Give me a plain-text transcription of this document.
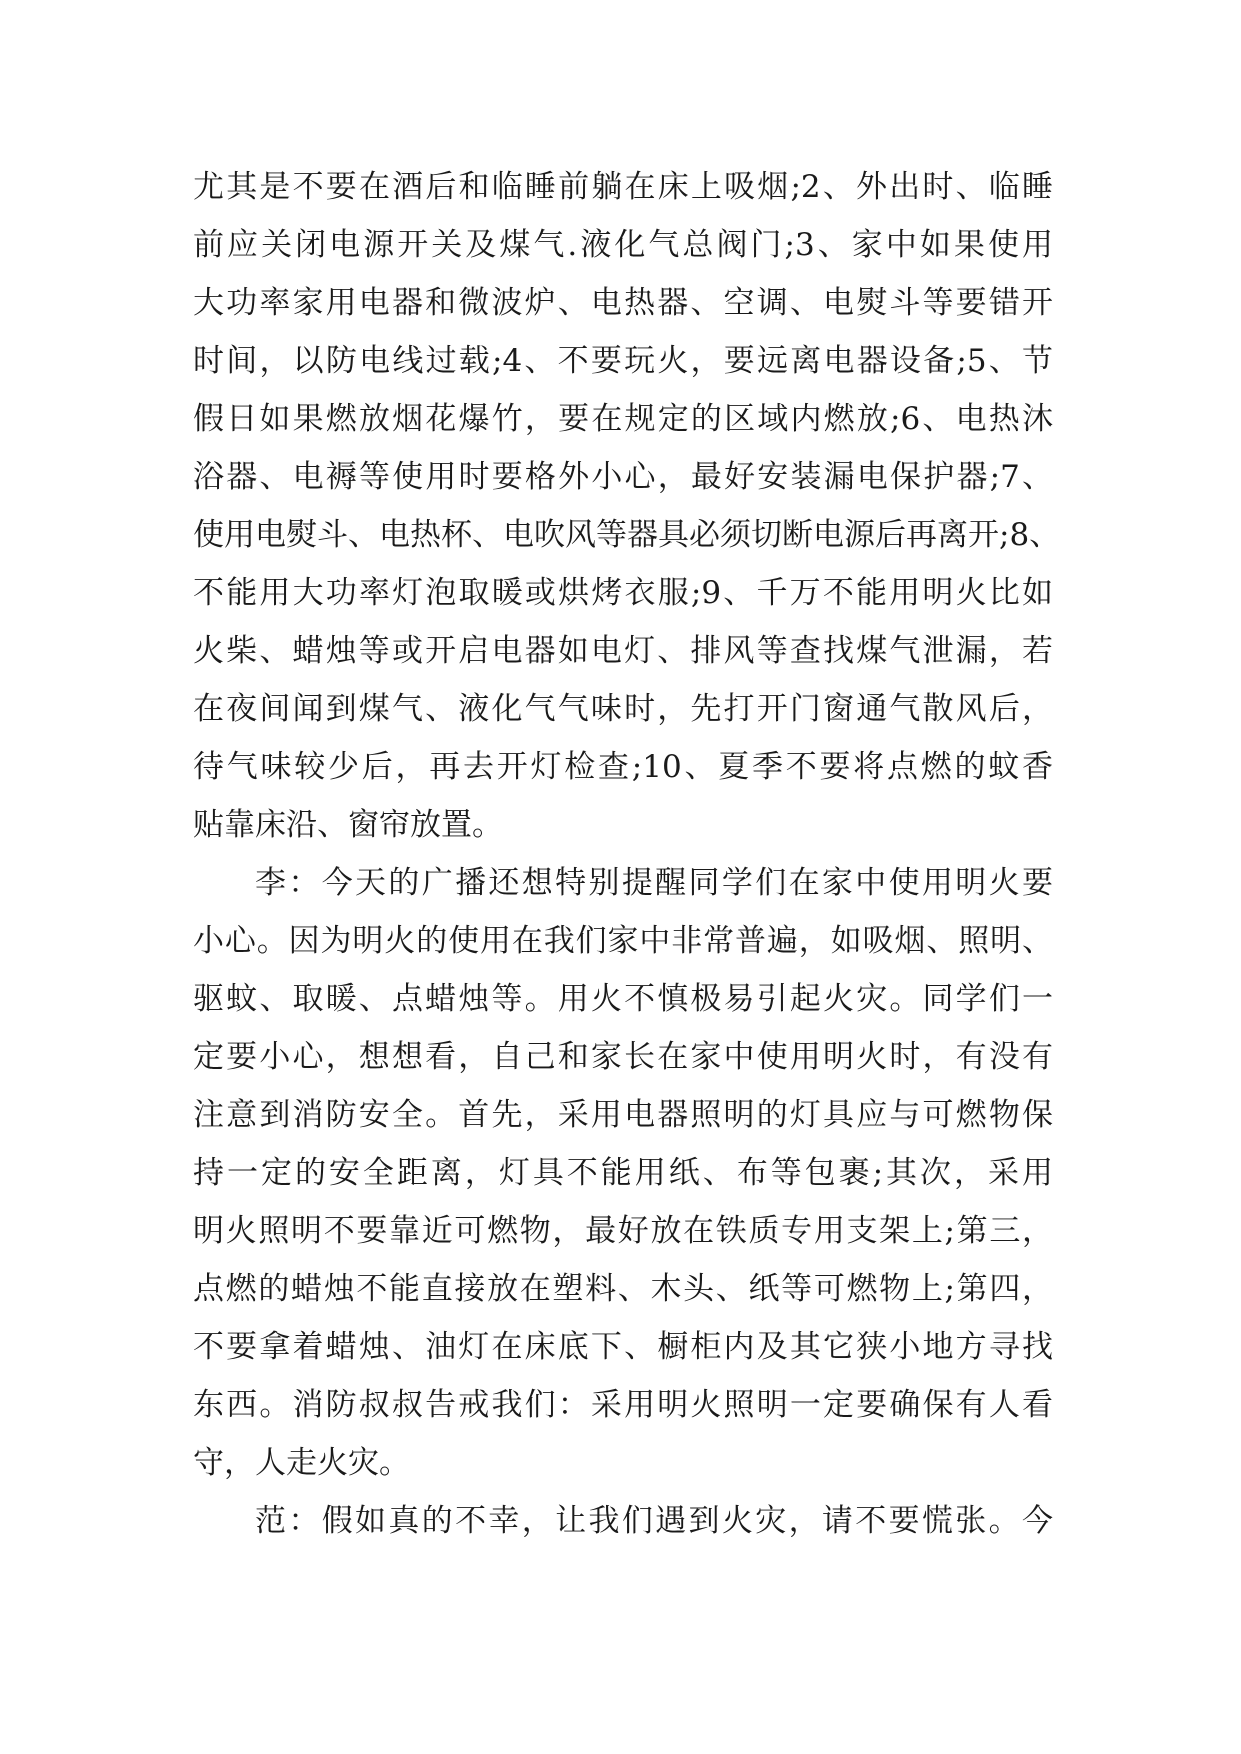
尤其是不要在酒后和临睡前躺在床上吸烟;2、外出时、临睡
前应关闭电源开关及煤气.液化气总阀门;3、家中如果使用
大功率家用电器和微波炉、电热器、空调、电熨斗等要错开
时间，以防电线过载;4、不要玩火，要远离电器设备;5、节
假日如果燃放烟花爆竹，要在规定的区域内燃放;6、电热沐
浴器、电褥等使用时要格外小心，最好安装漏电保护器;7、
使用电熨斗、电热杯、电吹风等器具必须切断电源后再离开;8、
不能用大功率灯泡取暖或烘烤衣服;9、千万不能用明火比如
火柴、蜡烛等或开启电器如电灯、排风等查找煤气泄漏，若
在夜间闻到煤气、液化气气味时，先打开门窗通气散风后，
待气味较少后，再去开灯检查;10、夏季不要将点燃的蚊香
贴靠床沿、窗帘放置。
李：今天的广播还想特别提醒同学们在家中使用明火要
小心。因为明火的使用在我们家中非常普遍，如吸烟、照明、
驱蚊、取暖、点蜡烛等。用火不慎极易引起火灾。同学们一
定要小心，想想看，自己和家长在家中使用明火时，有没有
注意到消防安全。首先，采用电器照明的灯具应与可燃物保
持一定的安全距离，灯具不能用纸、布等包裹;其次，采用
明火照明不要靠近可燃物，最好放在铁质专用支架上;第三，
点燃的蜡烛不能直接放在塑料、木头、纸等可燃物上;第四，
不要拿着蜡烛、油灯在床底下、橱柜内及其它狭小地方寻找
东西。消防叔叔告戒我们：采用明火照明一定要确保有人看
守，人走火灾。
范：假如真的不幸，让我们遇到火灾，请不要慌张。今
